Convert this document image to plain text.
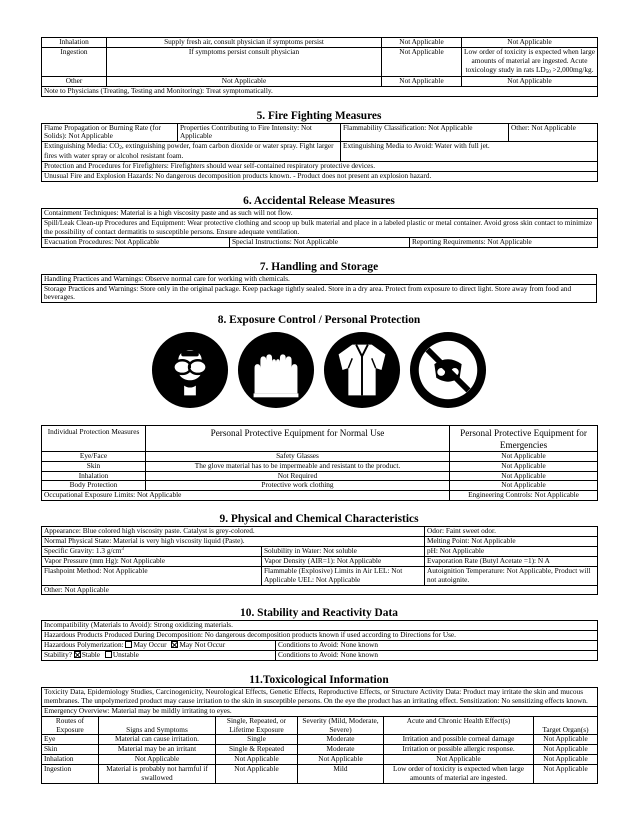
Inhalation	Supply fresh air, consult physician if symptoms persist	Not Applicable	Not Applicable
Ingestion	If symptoms persist consult physician	Not Applicable	Low order of toxicity is expected when large amounts of material are ingested. Acute toxicology study in rats $LD_{50} >2,000mg/kg$.
Other	Not Applicable	Not Applicable	Not Applicable
Note to Physicians (Treating, Testing and Monitoring): Treat symptomatically.			
5. Fire Fighting Measures
Flame Propagation or Burning Rate (for Solids): Not Applicable	Properties Contributing to Fire Intensity: Not Applicable	Flammability Classification: Not Applicable	Other: Not Applicable
Extinguishing Media: $CO_2$, extinguishing powder, foam carbon dioxide or water spray. Fight larger fires with water spray or alcohol resistant foam.		Extinguishing Media to Avoid: Water with full jet.	
Protection and Procedures for Firefighters: Firefighters should wear self-contained respiratory protective devices.			
Unusual Fire and Explosion Hazards: No dangerous decomposition products known. - Product does not present an explosion hazard.			
6. Accidental Release Measures
Containment Techniques: Material is a high viscosity paste and as such will not flow.
Spill/Leak Clean-up Procedures and Equipment: Wear protective clothing and scoop up bulk material and place in a labeled plastic or metal container. Avoid gross skin contact to minimize the possibility of contact dermatitis to susceptible persons. Ensure adequate ventilation.
Evacuation Procedures: Not Applicable	Special Instructions: Not Applicable	Reporting Requirements: Not Applicable
7. Handling and Storage
Handling Practices and Warnings: Observe normal care for working with chemicals.
Storage Practices and Warnings: Store only in the original package. Keep package tightly sealed. Store in a dry area. Protect from exposure to direct light. Store away from food and beverages.
8. Exposure Control / Personal Protection
Individual Protection Measures	Personal Protective Equipment for Normal Use	Personal Protective Equipment for Emergencies
Eye/Face	Safety Glasses	Not Applicable
Skin	The glove material has to be impermeable and resistant to the product.	Not Applicable
Inhalation	Not Required	Not Applicable
Body Protection	Protective work clothing	Not Applicable
Occupational Exposure Limits: Not Applicable		Engineering Controls: Not Applicable
9. Physical and Chemical Characteristics
Appearance: Blue colored high viscosity paste. Catalyst is grey-colored.		Odor: Faint sweet odor.
Normal Physical State: Material is very high viscosity liquid (Paste).		Melting Point: Not Applicable
Specific Gravity: 1.3 $g/cm^3$	Solubility in Water: Not soluble	pH: Not Applicable
Vapor Pressure (mm Hg): Not Applicable	Vapor Density (AIR=1): Not Applicable	Evaporation Rate (Butyl Acetate =1): N A
Flashpoint Method: Not Applicable	Flammable (Explosive) Limits in Air LEL: Not Applicable UEL: Not Applicable	Autoignition Temperature: Not Applicable, Product will not autoignite.
Other: Not Applicable		
10. Stability and Reactivity Data
Incompatibility (Materials to Avoid): Strong oxidizing materials.	
Hazardous Products Produced During Decomposition: No dangerous decomposition products known if used according to Directions for Use.	
Hazardous Polymerization: May Occur May Not Occur	Conditions to Avoid: None known
Stability? Stable Unstable	Conditions to Avoid: None known
11.Toxicological Information
Toxicity Data, Epidemiology Studies, Carcinogenicity, Neurological Effects, Genetic Effects, Reproductive Effects, or Structure Activity Data: Product may irritate the skin and mucous membranes. The unpolymerized product may cause irritation to the skin in susceptible persons. On the eye the product has an irritating effect. Sensitization: No sensitizing effects known.					
Emergency Overview: Material may be mildly irritating to eyes.					
Routes of Exposure	Signs and Symptoms	Single, Repeated, or Lifetime Exposure	Severity (Mild, Moderate, Severe)	Acute and Chronic Health Effect(s)	Target Organ(s)
Eye	Material can cause irritation.	Single	Moderate	Irritation and possible corneal damage	Not Applicable
Skin	Material may be an irritant	Single & Repeated	Moderate	Irritation or possible allergic response.	Not Applicable
Inhalation	Not Applicable	Not Applicable	Not Applicable	Not Applicable	Not Applicable
Ingestion	Material is probably not harmful if swallowed	Not Applicable	Mild	Low order of toxicity is expected when large amounts of material are ingested.	Not Applicable
